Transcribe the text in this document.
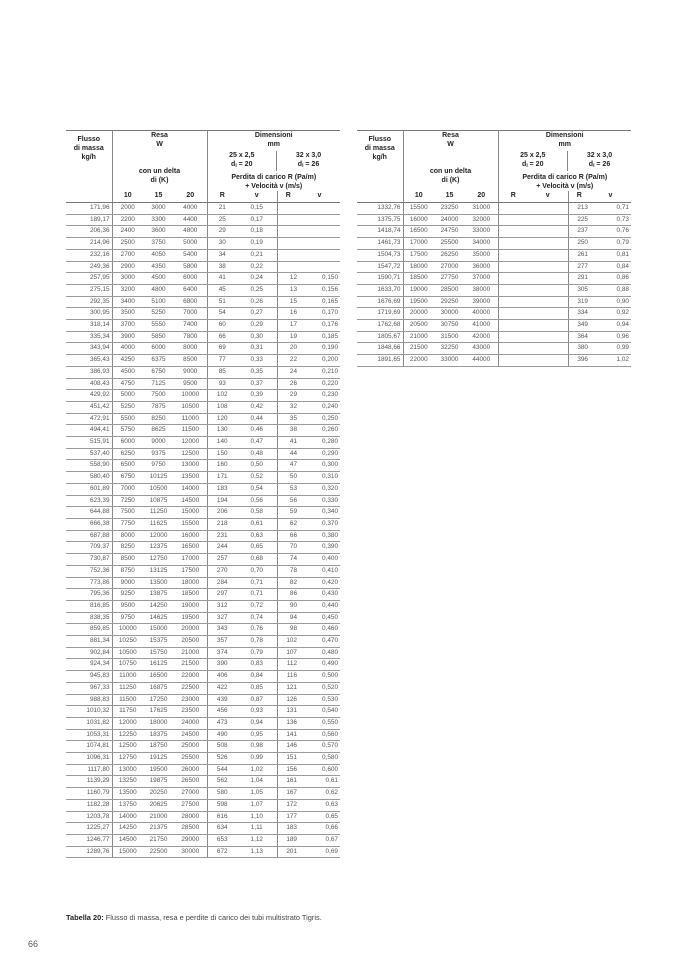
Flusso
di massa
kg/h

Resa
W
con un delta
di (K)

Dimensioni
mm
25 x 2,5
$d_i = 20$
32 x 3,0
$d_i = 26$
Perdita di carico R (Pa/m)
+ Velocità v (m/s)

	10	15	20	R	v	R	v
171,96	2000	3000	4000	21	0,15		
189,17	2200	3300	4400	25	0,17		
206,36	2400	3600	4800	29	0,18		
214,96	2500	3750	5000	30	0,19		
232,16	2700	4050	5400	34	0,21		
249,36	2900	4350	5800	38	0,22		
257,95	3000	4500	6000	41	0,24	12	0,150
275,15	3200	4800	6400	45	0,25	13	0,156
292,35	3400	5100	6800	51	0,26	15	0,165
300,95	3500	5250	7000	54	0,27	16	0,170
318,14	3700	5550	7400	60	0,29	17	0,176
335,34	3900	5850	7800	66	0,30	19	0,185
343,94	4000	6000	8000	69	0,31	20	0,190
365,43	4250	6375	8500	77	0,33	22	0,200
386,93	4500	6750	9000	85	0,35	24	0,210
408,43	4750	7125	9500	93	0,37	26	0,220
429,92	5000	7500	10000	102	0,39	29	0,230
451,42	5250	7875	10500	108	0,42	32	0,240
472,91	5500	8250	11000	120	0,44	35	0,250
494,41	5750	8625	11500	130	0,46	38	0,260
515,91	6000	9000	12000	140	0,47	41	0,280
537,40	6250	9375	12500	150	0,48	44	0,290
558,90	6500	9750	13000	160	0,50	47	0,300
580,40	6750	10125	13500	171	0,52	50	0,310
601,89	7000	10500	14000	183	0,54	53	0,320
623,39	7250	10875	14500	194	0,56	56	0,330
644,88	7500	11250	15000	206	0,58	59	0,340
666,38	7750	11625	15500	218	0,61	62	0,370
687,88	8000	12000	16000	231	0,63	66	0,380
709,37	8250	12375	16500	244	0,65	70	0,390
730,87	8500	12750	17000	257	0,68	74	0,400
752,36	8750	13125	17500	270	0,70	78	0,410
773,86	9000	13500	18000	284	0,71	82	0,420
795,36	9250	13875	18500	297	0,71	86	0,430
816,85	9500	14250	19000	312	0,72	90	0,440
838,35	9750	14625	19500	327	0,74	94	0,450
859,85	10000	15000	20000	343	0,76	98	0,460
881,34	10250	15375	20500	357	0,78	102	0,470
902,84	10500	15750	21000	374	0,79	107	0,480
924,34	10750	16125	21500	390	0,83	112	0,490
945,83	11000	16500	22000	406	0,84	116	0,500
967,33	11250	16875	22500	422	0,85	121	0,520
988,83	11500	17250	23000	439	0,87	126	0,530
1010,32	11750	17625	23500	456	0,93	131	0,540
1031,82	12000	18000	24000	473	0,94	136	0,550
1053,31	12250	18375	24500	490	0,95	141	0,560
1074,81	12500	18750	25000	508	0,98	146	0,570
1096,31	12750	19125	25500	526	0,99	151	0,580
1117,80	13000	19500	26000	544	1,02	156	0,600
1139,29	13250	19875	26500	562	1,04	161	0,61
1160,79	13500	20250	27000	580	1,05	167	0,62
1182,28	13750	20625	27500	598	1,07	172	0,63
1203,78	14000	21000	28000	616	1,10	177	0,65
1225,27	14250	21375	28500	634	1,11	183	0,66
1246,77	14500	21750	29000	653	1,12	189	0,67
1289,76	15000	22500	30000	672	1,13	201	0,69
Flusso
di massa
kg/h

Resa
W
con un delta
di (K)

Dimensioni
mm
25 x 2,5
$d_i = 20$
32 x 3,0
$d_i = 26$
Perdita di carico R (Pa/m)
+ Velocità v (m/s)

	10	15	20	R	v	R	v
1332,76	15500	23250	31000			213	0,71
1375,75	16000	24000	32000			225	0,73
1418,74	16500	24750	33000			237	0,76
1461,73	17000	25500	34000			250	0,79
1504,73	17500	26250	35000			261	0,81
1547,72	18000	27000	36000			277	0,84
1590,71	18500	27750	37000			291	0,86
1633,70	19000	28500	38000			305	0,88
1676,69	19500	29250	39000			319	0,90
1719,69	20000	30000	40000			334	0,92
1762,68	20500	30750	41000			349	0,94
1805,67	21000	31500	42000			364	0,96
1848,66	21500	32250	43000			380	0,99
1891,65	22000	33000	44000			396	1,02
Tabella 20: Flusso di massa, resa e perdite di carico dei tubi multistrato Tigris.
66
